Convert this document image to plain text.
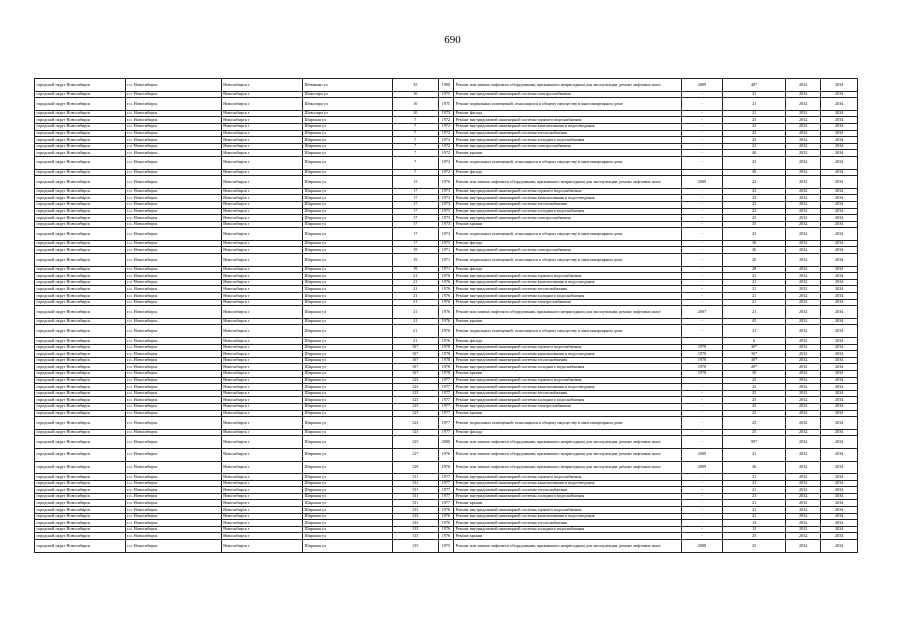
690
городской округ Новосибирск	г.о. Новосибирск	Новосибирск г	Шевченко ул	35	1990	Ремонт или замена лифтового оборудования, признанного непригодным для эксплуатации, ремонт лифтовых шахт	2009	40*	2032	2034
городской округ Новосибирск	г.о. Новосибирск	Новосибирск г	Шекспира ул	10	1975	Ремонт внутридомовой инженерной системы электроснабжения	-	21	2032	2034
городской округ Новосибирск	г.о. Новосибирск	Новосибирск г	Шекспира ул	10	1975	Ремонт подвальных помещений, относящихся к общему имуществу в многоквартирном доме	-	21	2032	2034
городской округ Новосибирск	г.о. Новосибирск	Новосибирск г	Шекспира ул	10	1975	Ремонт фасада	-	21	2032	2034
городской округ Новосибирск	г.о. Новосибирск	Новосибирск г	Широкая ул	7	1972	Ремонт внутридомовой инженерной системы горячего водоснабжения	-	23	2032	2034
городской округ Новосибирск	г.о. Новосибирск	Новосибирск г	Широкая ул	7	1972	Ремонт внутридомовой инженерной системы канализования и водоотведения	-	23	2032	2034
городской округ Новосибирск	г.о. Новосибирск	Новосибирск г	Широкая ул	7	1972	Ремонт внутридомовой инженерной системы теплоснабжения	-	23	2032	2034
городской округ Новосибирск	г.о. Новосибирск	Новосибирск г	Широкая ул	7	1972	Ремонт внутридомовой инженерной системы холодного водоснабжения	-	23	2032	2034
городской округ Новосибирск	г.о. Новосибирск	Новосибирск г	Широкая ул	7	1972	Ремонт внутридомовой инженерной системы электроснабжения	-	23	2032	2034
городской округ Новосибирск	г.о. Новосибирск	Новосибирск г	Широкая ул	7	1972	Ремонт крыши	-	40	2032	2034
городской округ Новосибирск	г.о. Новосибирск	Новосибирск г	Широкая ул	7	1972	Ремонт подвальных помещений, относящихся к общему имуществу в многоквартирном доме	-	23	2032	2034
городской округ Новосибирск	г.о. Новосибирск	Новосибирск г	Широкая ул	7	1972	Ремонт фасада	-	30	2032	2034
городской округ Новосибирск	г.о. Новосибирск	Новосибирск г	Широкая ул	13	1976	Ремонт или замена лифтового оборудования, признанного непригодным для эксплуатации, ремонт лифтовых шахт	2009	22	2032	2034
городской округ Новосибирск	г.о. Новосибирск	Новосибирск г	Широкая ул	17	1973	Ремонт внутридомовой инженерной системы горячего водоснабжения	-	23	2032	2034
городской округ Новосибирск	г.о. Новосибирск	Новосибирск г	Широкая ул	17	1973	Ремонт внутридомовой инженерной системы канализования и водоотведения	-	23	2032	2034
городской округ Новосибирск	г.о. Новосибирск	Новосибирск г	Широкая ул	17	1973	Ремонт внутридомовой инженерной системы теплоснабжения	-	23	2032	2034
городской округ Новосибирск	г.о. Новосибирск	Новосибирск г	Широкая ул	17	1973	Ремонт внутридомовой инженерной системы холодного водоснабжения	-	23	2032	2034
городской округ Новосибирск	г.о. Новосибирск	Новосибирск г	Широкая ул	17	1973	Ремонт внутридомовой инженерной системы электроснабжения	-	23	2032	2034
городской округ Новосибирск	г.о. Новосибирск	Новосибирск г	Широкая ул	17	1973	Ремонт крыши	-	35	2032	2034
городской округ Новосибирск	г.о. Новосибирск	Новосибирск г	Широкая ул	17	1973	Ремонт подвальных помещений, относящихся к общему имуществу в многоквартирном доме	-	23	2032	2034
городской округ Новосибирск	г.о. Новосибирск	Новосибирск г	Широкая ул	17	1973	Ремонт фасада	-	30	2032	2034
городской округ Новосибирск	г.о. Новосибирск	Новосибирск г	Широкая ул	19	1971	Ремонт внутридомовой инженерной системы электроснабжения	-	26	2032	2034
городской округ Новосибирск	г.о. Новосибирск	Новосибирск г	Широкая ул	19	1971	Ремонт подвальных помещений, относящихся к общему имуществу в многоквартирном доме	-	26	2032	2034
городской округ Новосибирск	г.о. Новосибирск	Новосибирск г	Широкая ул	19	1971	Ремонт фасада	-	28	2032	2034
городской округ Новосибирск	г.о. Новосибирск	Новосибирск г	Широкая ул	21	1976	Ремонт внутридомовой инженерной системы горячего водоснабжения	-	21	2032	2034
городской округ Новосибирск	г.о. Новосибирск	Новосибирск г	Широкая ул	21	1976	Ремонт внутридомовой инженерной системы канализования и водоотведения	-	21	2032	2034
городской округ Новосибирск	г.о. Новосибирск	Новосибирск г	Широкая ул	21	1976	Ремонт внутридомовой инженерной системы теплоснабжения	-	21	2032	2034
городской округ Новосибирск	г.о. Новосибирск	Новосибирск г	Широкая ул	21	1976	Ремонт внутридомовой инженерной системы холодного водоснабжения	-	21	2032	2034
городской округ Новосибирск	г.о. Новосибирск	Новосибирск г	Широкая ул	21	1976	Ремонт внутридомовой инженерной системы электроснабжения	-	21	2032	2034
городской округ Новосибирск	г.о. Новосибирск	Новосибирск г	Широкая ул	21	1976	Ремонт или замена лифтового оборудования, признанного непригодным для эксплуатации, ремонт лифтовых шахт	2007	21	2032	2034
городской округ Новосибирск	г.о. Новосибирск	Новосибирск г	Широкая ул	21	1976	Ремонт крыши	-	45	2032	2034
городской округ Новосибирск	г.о. Новосибирск	Новосибирск г	Широкая ул	21	1976	Ремонт подвальных помещений, относящихся к общему имуществу в многоквартирном доме	-	21	2032	2034
городской округ Новосибирск	г.о. Новосибирск	Новосибирск г	Широкая ул	21	1976	Ремонт фасада	-	6	2032	2034
городской округ Новосибирск	г.о. Новосибирск	Новосибирск г	Широкая ул	107	1978	Ремонт внутридомовой инженерной системы горячего водоснабжения	1978	36*	2032	2034
городской округ Новосибирск	г.о. Новосибирск	Новосибирск г	Широкая ул	107	1978	Ремонт внутридомовой инженерной системы канализования и водоотведения	1978	36*	2032	2034
городской округ Новосибирск	г.о. Новосибирск	Новосибирск г	Широкая ул	107	1978	Ремонт внутридомовой инженерной системы теплоснабжения	1978	30*	2032	2034
городской округ Новосибирск	г.о. Новосибирск	Новосибирск г	Широкая ул	107	1978	Ремонт внутридомовой инженерной системы холодного водоснабжения	1978	20*	2032	2034
городской округ Новосибирск	г.о. Новосибирск	Новосибирск г	Широкая ул	107	1978	Ремонт крыши	1978	30	2032	2034
городской округ Новосибирск	г.о. Новосибирск	Новосибирск г	Широкая ул	123	1977	Ремонт внутридомовой инженерной системы горячего водоснабжения	-	25	2032	2034
городской округ Новосибирск	г.о. Новосибирск	Новосибирск г	Широкая ул	123	1977	Ремонт внутридомовой инженерной системы канализования и водоотведения	-	25	2032	2034
городской округ Новосибирск	г.о. Новосибирск	Новосибирск г	Широкая ул	123	1977	Ремонт внутридомовой инженерной системы теплоснабжения	-	25	2032	2034
городской округ Новосибирск	г.о. Новосибирск	Новосибирск г	Широкая ул	123	1977	Ремонт внутридомовой инженерной системы холодного водоснабжения	-	25	2032	2034
городской округ Новосибирск	г.о. Новосибирск	Новосибирск г	Широкая ул	123	1977	Ремонт внутридомовой инженерной системы электроснабжения	-	25	2032	2034
городской округ Новосибирск	г.о. Новосибирск	Новосибирск г	Широкая ул	123	1977	Ремонт крыши	-	25	2032	2034
городской округ Новосибирск	г.о. Новосибирск	Новосибирск г	Широкая ул	123	1977	Ремонт подвальных помещений, относящихся к общему имуществу в многоквартирном доме	-	25	2032	2034
городской округ Новосибирск	г.о. Новосибирск	Новосибирск г	Широкая ул	123	1977	Ремонт фасада	-	25	2032	2034
городской округ Новосибирск	г.о. Новосибирск	Новосибирск г	Широкая ул	125	2000	Ремонт или замена лифтового оборудования, признанного непригодным для эксплуатации, ремонт лифтовых шахт	-	99*	2032	2034
городской округ Новосибирск	г.о. Новосибирск	Новосибирск г	Широкая ул	127	1976	Ремонт или замена лифтового оборудования, признанного непригодным для эксплуатации, ремонт лифтовых шахт	2009	21	2032	2034
городской округ Новосибирск	г.о. Новосибирск	Новосибирск г	Широкая ул	129	1976	Ремонт или замена лифтового оборудования, признанного непригодным для эксплуатации, ремонт лифтовых шахт	2009	26	2032	2034
городской округ Новосибирск	г.о. Новосибирск	Новосибирск г	Широкая ул	131	1977	Ремонт внутридомовой инженерной системы горячего водоснабжения	-	21	2032	2034
городской округ Новосибирск	г.о. Новосибирск	Новосибирск г	Широкая ул	131	1977	Ремонт внутридомовой инженерной системы канализования и водоотведения	-	21	2032	2034
городской округ Новосибирск	г.о. Новосибирск	Новосибирск г	Широкая ул	131	1977	Ремонт внутридомовой инженерной системы теплоснабжения	-	21	2032	2034
городской округ Новосибирск	г.о. Новосибирск	Новосибирск г	Широкая ул	131	1977	Ремонт внутридомовой инженерной системы холодного водоснабжения	-	21	2032	2034
городской округ Новосибирск	г.о. Новосибирск	Новосибирск г	Широкая ул	131	1977	Ремонт крыши	-	21	2032	2034
городской округ Новосибирск	г.о. Новосибирск	Новосибирск г	Широкая ул	133	1976	Ремонт внутридомовой инженерной системы горячего водоснабжения	-	21	2032	2034
городской округ Новосибирск	г.о. Новосибирск	Новосибирск г	Широкая ул	133	1976	Ремонт внутридомовой инженерной системы канализования и водоотведения	-	21	2032	2034
городской округ Новосибирск	г.о. Новосибирск	Новосибирск г	Широкая ул	133	1976	Ремонт внутридомовой инженерной системы теплоснабжения	-	13	2032	2034
городской округ Новосибирск	г.о. Новосибирск	Новосибирск г	Широкая ул	133	1976	Ремонт внутридомовой инженерной системы холодного водоснабжения	-	13	2032	2034
городской округ Новосибирск	г.о. Новосибирск	Новосибирск г	Широкая ул	133	1976	Ремонт крыши	-	25	2032	2034
городской округ Новосибирск	г.о. Новосибирск	Новосибирск г	Широкая ул	135	1975	Ремонт или замена лифтового оборудования, признанного непригодным для эксплуатации, ремонт лифтовых шахт	2008	25	2032	2034
